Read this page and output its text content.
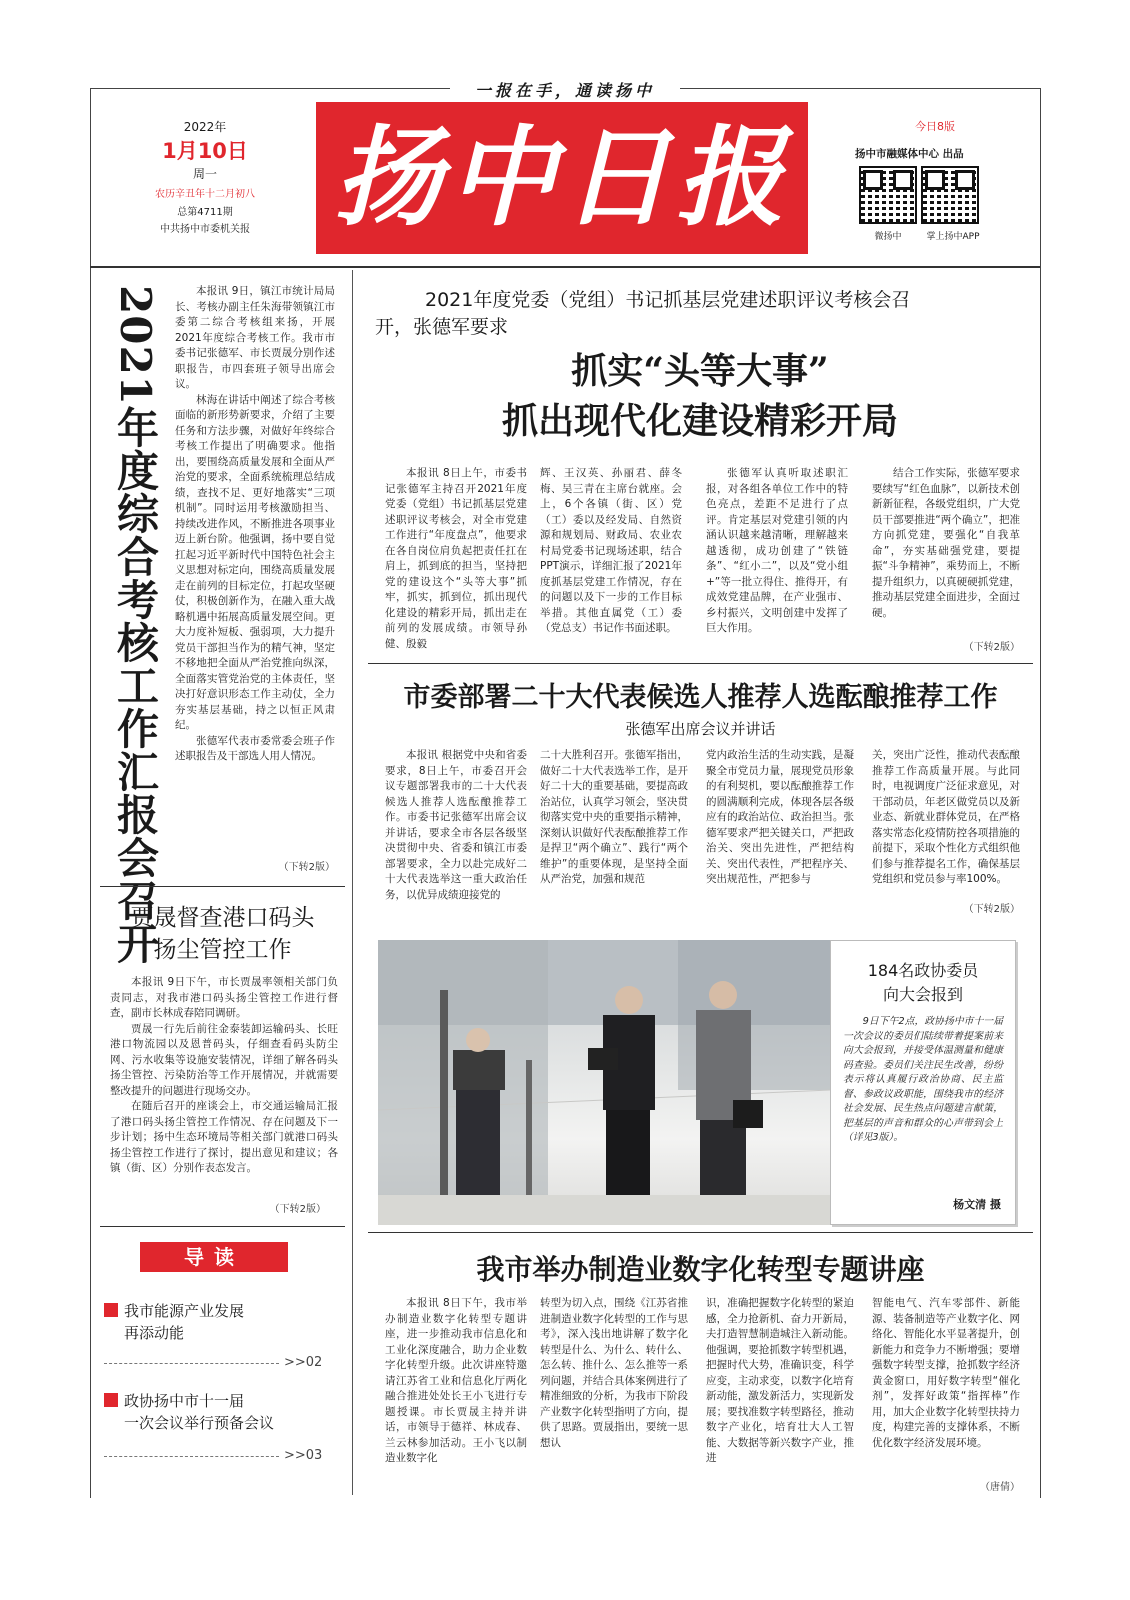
一报在手，通读扬中
2022年
1月10日
周一
农历辛丑年十二月初八
总第4711期
中共扬中市委机关报 扬中日报	今日8版
扬中市融媒体中心 出品
微扬中	掌上扬中APP
2021年度综合考核工作汇报会召开	本报讯 9日，镇江市统计局局长、考核办副主任朱海带领镇江市委第二综合考核组来扬，开展2021年度综合考核工作。我市市委书记张德军、市长贾晟分别作述职报告，市四套班子领导出席会议。

林海在讲话中阐述了综合考核面临的新形势新要求，介绍了主要任务和方法步骤，对做好年终综合考核工作提出了明确要求。他指出，要围绕高质量发展和全面从严治党的要求，全面系统梳理总结成绩，查找不足、更好地落实“三项机制”。同时运用考核激励担当、持续改进作风，不断推进各项事业迈上新台阶。他强调，扬中要自觉扛起习近平新时代中国特色社会主义思想对标定向，围绕高质量发展走在前列的目标定位，打起攻坚硬仗，积极创新作为，在融入重大战略机遇中拓展高质量发展空间。更大力度补短板、强弱项，大力提升党员干部担当作为的精气神，坚定不移地把全面从严治党推向纵深，全面落实管党治党的主体责任，坚决打好意识形态工作主动仗，全力夯实基层基础，持之以恒正风肃纪。

张德军代表市委常委会班子作述职报告及干部选人用人情况。

（下转2版）
贾晟督查港口码头
扬尘管控工作

本报讯 9日下午，市长贾晟率领相关部门负责同志，对我市港口码头扬尘管控工作进行督查，副市长林成春陪同调研。

贾晟一行先后前往金泰装卸运输码头、长旺港口物流园以及恩普码头，仔细查看码头防尘网、污水收集等设施安装情况，详细了解各码头扬尘管控、污染防治等工作开展情况，并就需要整改提升的问题进行现场交办。

在随后召开的座谈会上，市交通运输局汇报了港口码头扬尘管控工作情况、存在问题及下一步计划；扬中生态环境局等相关部门就港口码头扬尘管控工作进行了探讨，提出意见和建议；各镇（街、区）分别作表态发言。

（下转2版）
导读
我市能源产业发展
再添动能
>>02
政协扬中市十一届
一次会议举行预备会议
>>03
2021年度党委（党组）书记抓基层党建述职评议考核会召
开，张德军要求
抓实“头等大事”
抓出现代化建设精彩开局
本报讯 8日上午，市委书记张德军主持召开2021年度党委（党组）书记抓基层党建述职评议考核会，对全市党建工作进行“年度盘点”，他要求在各自岗位肩负起把责任扛在肩上，抓到底的担当，坚持把党的建设这个“头等大事”抓牢，抓实，抓到位，抓出现代化建设的精彩开局，抓出走在前列的发展成绩。市领导孙健、殷毅
辉、王汉英、孙丽君、薛冬梅、吴三青在主席台就座。会上，6个各镇（街、区）党（工）委以及经发局、自然资源和规划局、财政局、农业农村局党委书记现场述职，结合PPT演示，详细汇报了2021年度抓基层党建工作情况，存在的问题以及下一步的工作目标举措。其他直属党（工）委（党总支）书记作书面述职。
张德军认真听取述职汇报，对各组各单位工作中的特色亮点，差距不足进行了点评。肯定基层对党建引领的内涵认识越来越清晰，理解越来越透彻，成功创建了“铁链条”、“红小二”，以及“党小组+”等一批立得住、推得开，有成效党建品牌，在产业强市、乡村振兴，文明创建中发挥了巨大作用。
结合工作实际，张德军要求要续写“红色血脉”，以新技术创新新征程，各级党组织，广大党员干部要推进“两个确立”，把准方向抓党建，要强化“自我革命”，夯实基础强党建，要提振“斗争精神”，乘势而上，不断提升组织力，以真硬硬抓党建，推动基层党建全面进步，全面过硬。
（下转2版）
市委部署二十大代表候选人推荐人选酝酿推荐工作
张德军出席会议并讲话
本报讯 根据党中央和省委要求，8日上午，市委召开会议专题部署我市的二十大代表候选人推荐人选酝酿推荐工作。市委书记张德军出席会议并讲话，要求全市各层各级坚决贯彻中央、省委和镇江市委部署要求，全力以赴完成好二十大代表选举这一重大政治任务，以优异成绩迎接党的
二十大胜利召开。张德军指出，做好二十大代表选举工作，是开好二十大的重要基础，要提高政治站位，认真学习领会，坚决贯彻落实党中央的重要指示精神，深刻认识做好代表酝酿推荐工作是捍卫“两个确立”、践行“两个维护”的重要体现，是坚持全面从严治党，加强和规范
党内政治生活的生动实践，是凝聚全市党员力量，展现党员形象的有利契机，要以酝酿推荐工作的圆满顺利完成，体现各层各级应有的政治站位、政治担当。张德军要求严把关键关口，严把政治关、突出先进性，严把结构关、突出代表性，严把程序关、突出规范性，严把参与
关，突出广泛性，推动代表酝酿推荐工作高质量开展。与此同时，电视调度广泛征求意见，对干部动员，年老区做党员以及新业态、新就业群体党员，在严格落实常态化疫情防控各项措施的前提下，采取个性化方式组织他们参与推荐提名工作，确保基层党组织和党员参与率100%。
（下转2版）
184名政协委员
向大会报到
9日下午2点，政协扬中市十一届一次会议的委员们陆续带着提案前来向大会报到，并接受体温测量和健康码查验。委员们关注民生改善，纷纷表示将认真履行政治协商、民主监督、参政议政职能，围绕我市的经济社会发展、民生热点问题建言献策，把基层的声音和群众的心声带到会上（详见3版）。
杨文清 摄
我市举办制造业数字化转型专题讲座
本报讯 8日下午，我市举办制造业数字化转型专题讲座，进一步推动我市信息化和工业化深度融合，助力企业数字化转型升级。此次讲座特邀请江苏省工业和信息化厅两化融合推进处处长王小飞进行专题授课。市长贾晟主持并讲话，市领导于德祥、林成春、兰云林参加活动。王小飞以制造业数字化
转型为切入点，围绕《江苏省推进制造业数字化转型的工作与思考》，深入浅出地讲解了数字化转型是什么、为什么、转什么、怎么转、推什么、怎么推等一系列问题，并结合具体案例进行了精准细致的分析，为我市下阶段产业数字化转型指明了方向，提供了思路。贾晟指出，要统一思想认
识，准确把握数字化转型的紧迫感，全力抢新机、奋力开新局，夫打造智慧制造城注入新动能。他强调，要抢抓数字转型机遇，把握时代大势，准确识变，科学应变，主动求变，以数字化培育新动能，激发新活力，实现新发展；要找准数字转型路径，推动数字产业化，培育壮大人工智能、大数据等新兴数字产业，推进
智能电气、汽车零部件、新能源、装备制造等产业数字化、网络化、智能化水平显著提升，创新能力和竞争力不断增强；要增强数字转型支撑，抢抓数字经济黄金窗口，用好数字转型“催化剂”，发挥好政策“指挥棒”作用，加大企业数字化转型扶持力度，构建完善的支撑体系，不断优化数字经济发展环境。
（唐倩）
